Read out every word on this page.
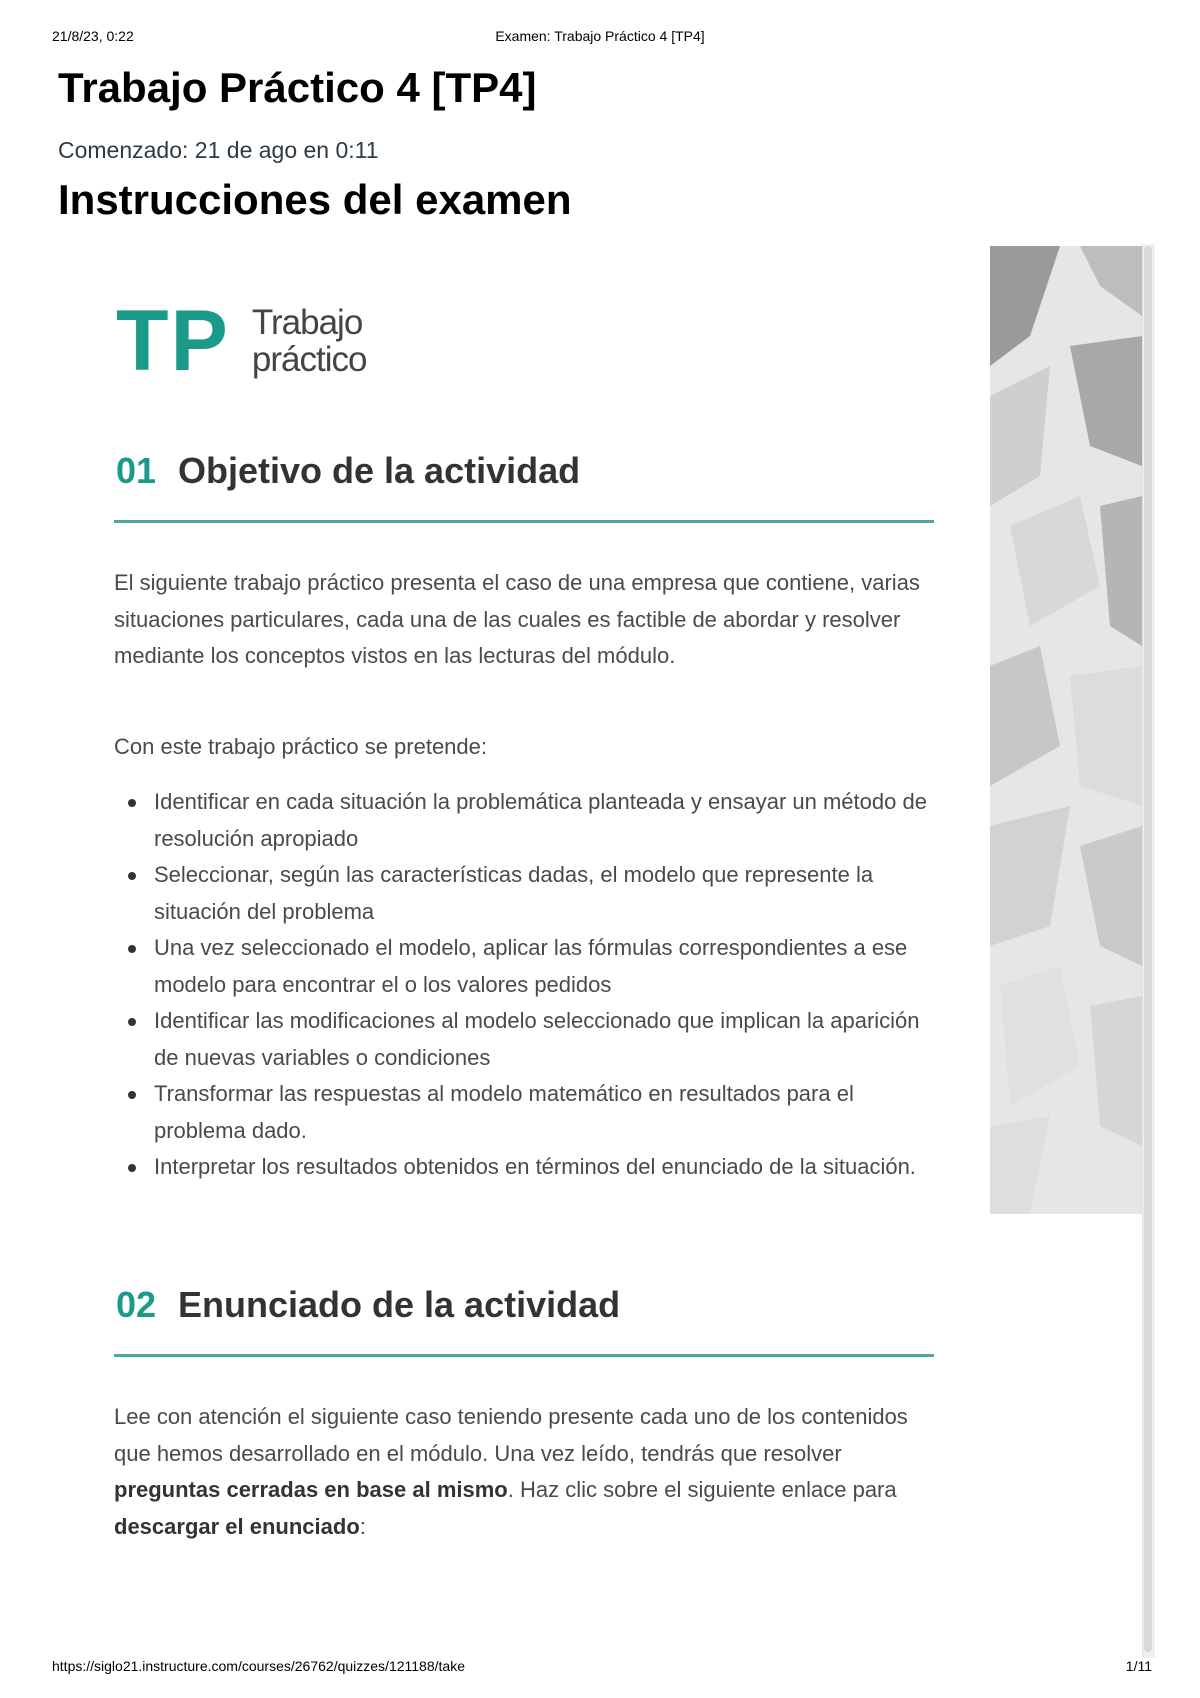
21/8/23, 0:22	Examen: Trabajo Práctico 4 [TP4]
Trabajo Práctico 4 [TP4]
Comenzado: 21 de ago en 0:11
Instrucciones del examen
TP Trabajo
práctico
01 Objetivo de la actividad

El siguiente trabajo práctico presenta el caso de una empresa que contiene, varias situaciones particulares, cada una de las cuales es factible de abordar y resolver mediante los conceptos vistos en las lecturas del módulo.

Con este trabajo práctico se pretende:

Identificar en cada situación la problemática planteada y ensayar un método de resolución apropiado
Seleccionar, según las características dadas, el modelo que represente la situación del problema
Una vez seleccionado el modelo, aplicar las fórmulas correspondientes a ese modelo para encontrar el o los valores pedidos
Identificar las modificaciones al modelo seleccionado que implican la aparición de nuevas variables o condiciones
Transformar las respuestas al modelo matemático en resultados para el problema dado.
Interpretar los resultados obtenidos en términos del enunciado de la situación.
02 Enunciado de la actividad

Lee con atención el siguiente caso teniendo presente cada uno de los contenidos que hemos desarrollado en el módulo. Una vez leído, tendrás que resolver preguntas cerradas en base al mismo. Haz clic sobre el siguiente enlace para descargar el enunciado:

https://siglo21.instructure.com/courses/26762/quizzes/121188/take	1/11
